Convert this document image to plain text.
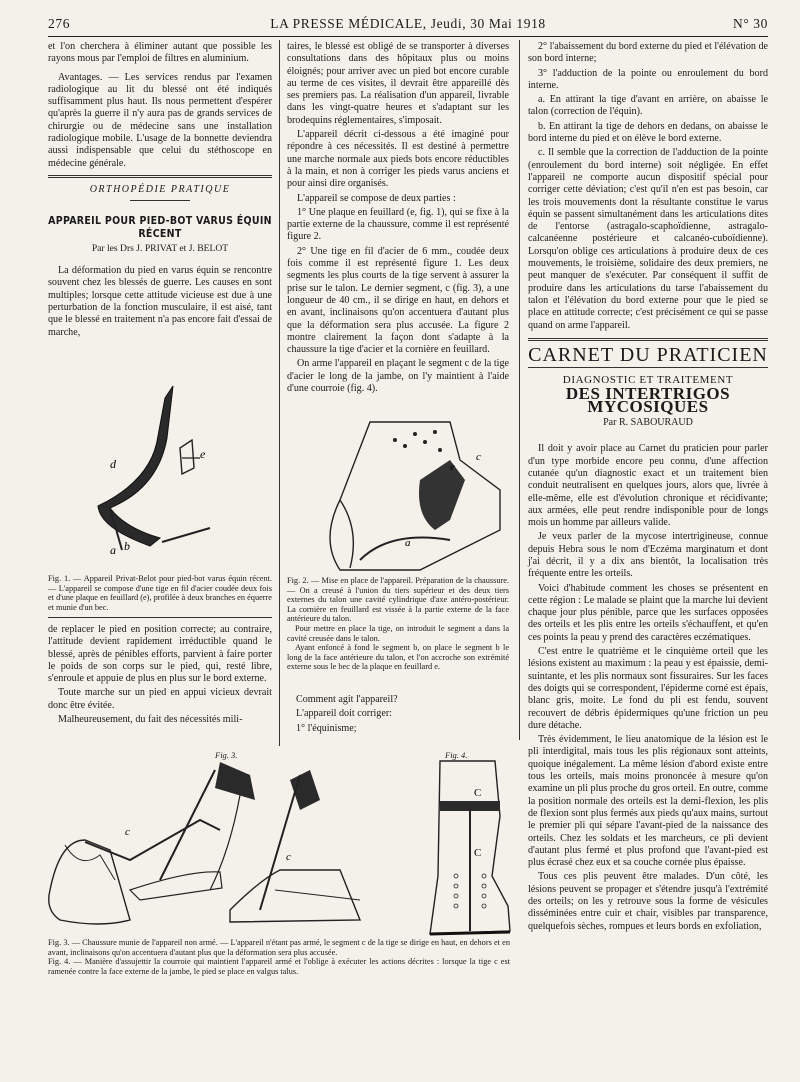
276	LA PRESSE MÉDICALE, Jeudi, 30 Mai 1918	N° 30

et l'on cherchera à éliminer autant que possible les rayons mous par l'emploi de filtres en aluminium.

Avantages. — Les services rendus par l'examen radiologique au lit du blessé ont été indiqués suffisamment plus haut. Ils nous permettent d'espérer qu'après la guerre il n'y aura pas de grands services de chirurgie ou de médecine sans une installation radiologique mobile. L'usage de la bonnette deviendra aussi indispensable que celui du stéthoscope en médecine générale.

ORTHOPÉDIE PRATIQUE
APPAREIL POUR PIED-BOT VARUS ÉQUIN RÉCENT
Par les Drs J. PRIVAT et J. BELOT

La déformation du pied en varus équin se rencontre souvent chez les blessés de guerre. Les causes en sont multiples; lorsque cette attitude vicieuse est due à une perturbation de la fonction musculaire, il est aisé, tant que le blessé en traitement n'a pas encore fait d'essai de marche,

d
e
a b
Fig. 1. — Appareil Privat-Belot pour pied-bot varus équin récent. — L'appareil se compose d'une tige en fil d'acier coudée deux fois et d'une plaque en feuillard (e), profilée à deux branches en équerre et munie d'un bec.

de replacer le pied en position correcte; au contraire, l'attitude devient rapidement irréductible quand le blessé, après de pénibles efforts, parvient à faire porter le poids de son corps sur le pied, qui, resté libre, s'enroule et appuie de plus en plus sur le bord externe.

Toute marche sur un pied en appui vicieux devrait donc être évitée.

Malheureusement, du fait des nécessités mili-

taires, le blessé est obligé de se transporter à diverses consultations dans des hôpitaux plus ou moins éloignés; pour arriver avec un pied bot encore curable au terme de ces visites, il devrait être appareillé dès ses premiers pas. La réalisation d'un appareil, livrable dans les vingt-quatre heures et s'adaptant sur les brodequins réglementaires, s'imposait.

L'appareil décrit ci-dessous a été imaginé pour répondre à ces nécessités. Il est destiné à permettre une marche normale aux pieds bots encore réductibles à la main, et non à corriger les pieds varus anciens et pour ainsi dire organisés.

L'appareil se compose de deux parties :

1° Une plaque en feuillard (e, fig. 1), qui se fixe à la partie externe de la chaussure, comme il est représenté figure 2.

2° Une tige en fil d'acier de 6 mm., coudée deux fois comme il est représenté figure 1. Les deux segments les plus courts de la tige servent à assurer la prise sur le talon. Le dernier segment, c (fig. 3), a une longueur de 40 cm., il se dirige en haut, en dehors et en avant, inclinaisons qu'on accentuera d'autant plus que la déformation sera plus accusée. La figure 2 montre clairement la façon dont s'adapte à la chaussure la tige d'acier et la cornière en feuillard.

On arme l'appareil en plaçant le segment c de la tige d'acier le long de la jambe, on l'y maintient à l'aide d'une courroie (fig. 4).

e
c
a
Fig. 2. — Mise en place de l'appareil. Préparation de la chaussure. — On a creusé à l'union du tiers supérieur et des deux tiers externes du talon une cavité cylindrique d'axe antéro-postérieur. La cornière en feuillard est vissée à la partie externe de la face antérieure du talon.
Pour mettre en place la tige, on introduit le segment a dans la cavité creusée dans le talon.
Ayant enfoncé à fond le segment b, on place le segment b le long de la face antérieure du talon, et l'on accroche son extrémité externe sous le bec de la plaque en feuillard e.

Comment agit l'appareil?

L'appareil doit corriger:

1° l'équinisme;

2° l'abaissement du bord externe du pied et l'élévation de son bord interne;

3° l'adduction de la pointe ou enroulement du bord interne.

a. En attirant la tige d'avant en arrière, on abaisse le talon (correction de l'équin).

b. En attirant la tige de dehors en dedans, on abaisse le bord interne du pied et on élève le bord externe.

c. Il semble que la correction de l'adduction de la pointe (enroulement du bord interne) soit négligée. En effet l'appareil ne comporte aucun dispositif spécial pour corriger cette déviation; c'est qu'il n'en est pas besoin, car les trois mouvements dont la résultante constitue le varus équin se passent simultanément dans les articulations dites de l'entorse (astragalo-scaphoïdienne, astragalo-calcanéenne postérieure et calcanéo-cuboïdienne). Lorsqu'on oblige ces articulations à produire deux de ces mouvements, le troisième, solidaire des deux premiers, ne peut manquer de s'exécuter. Par conséquent il suffit de produire dans les articulations du tarse l'abaissement du talon et l'élévation du bord externe pour que le pied se place en attitude correcte; c'est précisément ce qui se passe quand on arme l'appareil.

CARNET DU PRATICIEN
DIAGNOSTIC ET TRAITEMENT
DES INTERTRIGOS MYCOSIQUES
Par R. SABOURAUD

Il doit y avoir place au Carnet du praticien pour parler d'un type morbide encore peu connu, d'une affection cutanée qu'un diagnostic exact et un traitement bien conduit neutralisent en quelques jours, alors que, livrée à elle-même, elle est d'évolution chronique et récidivante; aux armées, elle peut rendre indisponible pour de longs mois un homme par ailleurs valide.

Je veux parler de la mycose intertrigineuse, connue depuis Hebra sous le nom d'Eczéma marginatum et dont j'ai décrit, il y a dix ans bientôt, la localisation très fréquente entre les orteils.

Voici d'habitude comment les choses se présentent en cette région : Le malade se plaint que la marche lui devient chaque jour plus pénible, parce que les surfaces opposées des orteils et les plis entre les orteils s'échauffent, et qu'en ces points la peau y prend des caractères eczématiques.

C'est entre le quatrième et le cinquième orteil que les lésions existent au maximum : la peau y est épaissie, demi-suintante, et les plis normaux sont fissuraires. Sur les faces des doigts qui se correspondent, l'épiderme corné est épais, blanc gris, moite. Le fond du pli est fendu, souvent recouvert de débris épidermiques qu'une friction un peu dure détache.

Très évidemment, le lieu anatomique de la lésion est le pli interdigital, mais tous les plis régionaux sont atteints, quoique inégalement. La même lésion d'abord existe entre tous les orteils, mais moins prononcée à mesure qu'on examine un pli plus proche du gros orteil. En outre, comme la position normale des orteils est la demi-flexion, les plis de flexion sont plus fermés aux pieds qu'aux mains, surtout le premier pli qui sépare l'avant-pied de la naissance des orteils. Chez les soldats et les marcheurs, ce pli devient d'autant plus fermé et plus profond que l'avant-pied est plus écrasé chez eux et sa couche cornée plus épaisse.

Tous ces plis peuvent être malades. D'un côté, les lésions peuvent se propager et s'étendre jusqu'à l'extrémité des orteils; on les y retrouve sous la forme de vésicules disséminées entre cuir et chair, visibles par transparence, quelquefois sèches, rompues et leurs bords en exfoliation,

Fig. 3.	Fig. 4.
c
c
C
C
Fig. 3. — Chaussure munie de l'appareil non armé. — L'appareil n'étant pas armé, le segment c de la tige se dirige en haut, en dehors et en avant, inclinaisons qu'on accentuera d'autant plus que la déformation sera plus accusée.
Fig. 4. — Manière d'assujettir la courroie qui maintient l'appareil armé et l'oblige à exécuter les actions décrites : lorsque la tige c est ramenée contre la face externe de la jambe, le pied se place en valgus talus.
